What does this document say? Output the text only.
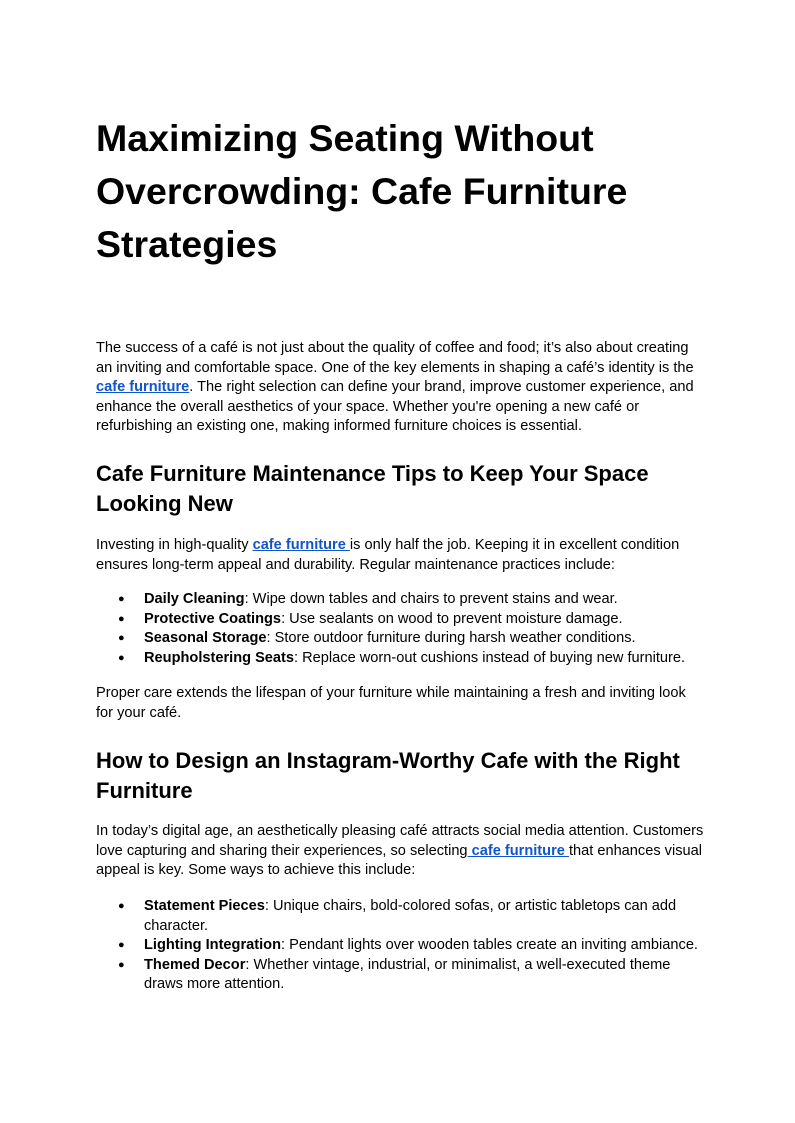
Maximizing Seating Without Overcrowding: Cafe Furniture Strategies

The success of a café is not just about the quality of coffee and food; it’s also about creating an inviting and comfortable space. One of the key elements in shaping a café’s identity is the cafe furniture. The right selection can define your brand, improve customer experience, and enhance the overall aesthetics of your space. Whether you're opening a new café or refurbishing an existing one, making informed furniture choices is essential.

Cafe Furniture Maintenance Tips to Keep Your Space Looking New

Investing in high-quality cafe furniture is only half the job. Keeping it in excellent condition ensures long-term appeal and durability. Regular maintenance practices include:

● Daily Cleaning: Wipe down tables and chairs to prevent stains and wear.
● Protective Coatings: Use sealants on wood to prevent moisture damage.
● Seasonal Storage: Store outdoor furniture during harsh weather conditions.
● Reupholstering Seats: Replace worn-out cushions instead of buying new furniture.

Proper care extends the lifespan of your furniture while maintaining a fresh and inviting look for your café.

How to Design an Instagram-Worthy Cafe with the Right Furniture

In today’s digital age, an aesthetically pleasing café attracts social media attention. Customers love capturing and sharing their experiences, so selecting cafe furniture that enhances visual appeal is key. Some ways to achieve this include:

● Statement Pieces: Unique chairs, bold-colored sofas, or artistic tabletops can add character.
● Lighting Integration: Pendant lights over wooden tables create an inviting ambiance.
● Themed Decor: Whether vintage, industrial, or minimalist, a well-executed theme draws more attention.
